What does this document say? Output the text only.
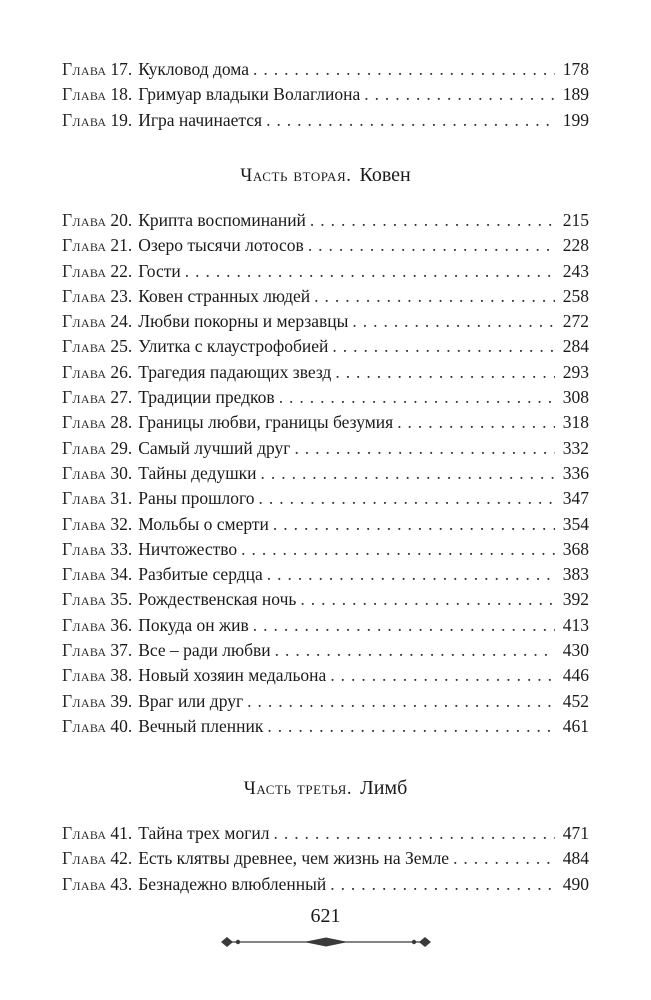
Глава 17. Кукловод дома . . .	178
Глава 18. Гримуар владыки Волаглиона . . .	189
Глава 19. Игра начинается . . .	199
Часть вторая. Ковен
Глава 20. Крипта воспоминаний . . .	215
Глава 21. Озеро тысячи лотосов . . .	228
Глава 22. Гости . . .	243
Глава 23. Ковен странных людей . . .	258
Глава 24. Любви покорны и мерзавцы . . .	272
Глава 25. Улитка с клаустрофобией . . .	284
Глава 26. Трагедия падающих звезд . . .	293
Глава 27. Традиции предков . . .	308
Глава 28. Границы любви, границы безумия . . .	318
Глава 29. Самый лучший друг . . .	332
Глава 30. Тайны дедушки . . .	336
Глава 31. Раны прошлого . . .	347
Глава 32. Мольбы о смерти . . .	354
Глава 33. Ничтожество . . .	368
Глава 34. Разбитые сердца . . .	383
Глава 35. Рождественская ночь . . .	392
Глава 36. Покуда он жив . . .	413
Глава 37. Все – ради любви . . .	430
Глава 38. Новый хозяин медальона . . .	446
Глава 39. Враг или друг . . .	452
Глава 40. Вечный пленник . . .	461
Часть третья. Лимб
Глава 41. Тайна трех могил . . .	471
Глава 42. Есть клятвы древнее, чем жизнь на Земле . . .	484
Глава 43. Безнадежно влюбленный . . .	490
621
